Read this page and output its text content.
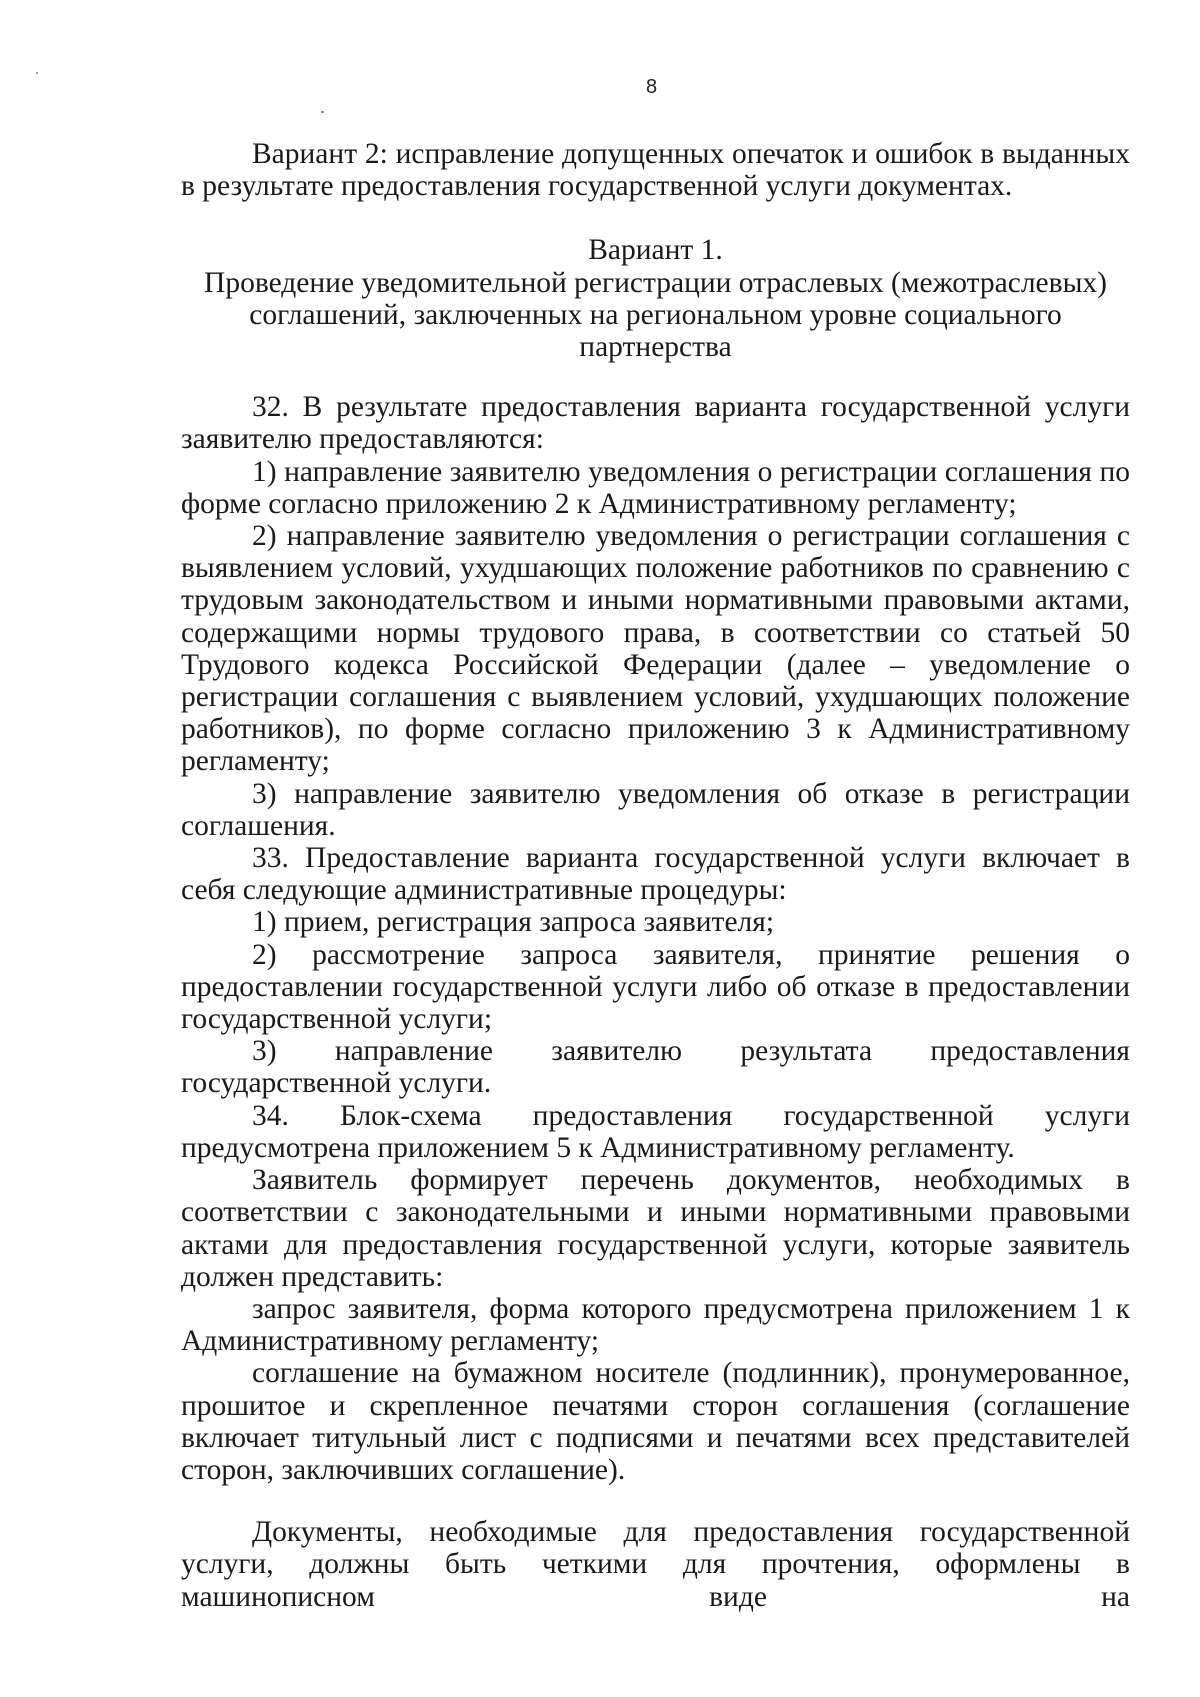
8

Вариант 2: исправление допущенных опечаток и ошибок в выданных в результате предоставления государственной услуги документах.

Вариант 1.

Проведение уведомительной регистрации отраслевых (межотраслевых) соглашений, заключенных на региональном уровне социального партнерства

32. В результате предоставления варианта государственной услуги заявителю предоставляются:

1) направление заявителю уведомления о регистрации соглашения по форме согласно приложению 2 к Административному регламенту;

2) направление заявителю уведомления о регистрации соглашения с выявлением условий, ухудшающих положение работников по сравнению с трудовым законодательством и иными нормативными правовыми актами, содержащими нормы трудового права, в соответствии со статьей 50 Трудового кодекса Российской Федерации (далее – уведомление о регистрации соглашения с выявлением условий, ухудшающих положение работников), по форме согласно приложению 3 к Административному регламенту;

3) направление заявителю уведомления об отказе в регистрации соглашения.

33. Предоставление варианта государственной услуги включает в себя следующие административные процедуры:

1) прием, регистрация запроса заявителя;

2) рассмотрение запроса заявителя, принятие решения о предоставлении государственной услуги либо об отказе в предоставлении государственной услуги;

3) направление заявителю результата предоставления государственной услуги.

34. Блок-схема предоставления государственной услуги предусмотрена приложением 5 к Административному регламенту.

Заявитель формирует перечень документов, необходимых в соответствии с законодательными и иными нормативными правовыми актами для предоставления государственной услуги, которые заявитель должен представить:

запрос заявителя, форма которого предусмотрена приложением 1 к Административному регламенту;

соглашение на бумажном носителе (подлинник), пронумерованное, прошитое и скрепленное печатями сторон соглашения (соглашение включает титульный лист с подписями и печатями всех представителей сторон, заключивших соглашение).

Документы, необходимые для предоставления государственной услуги, должны быть четкими для прочтения, оформлены в машинописном виде на
